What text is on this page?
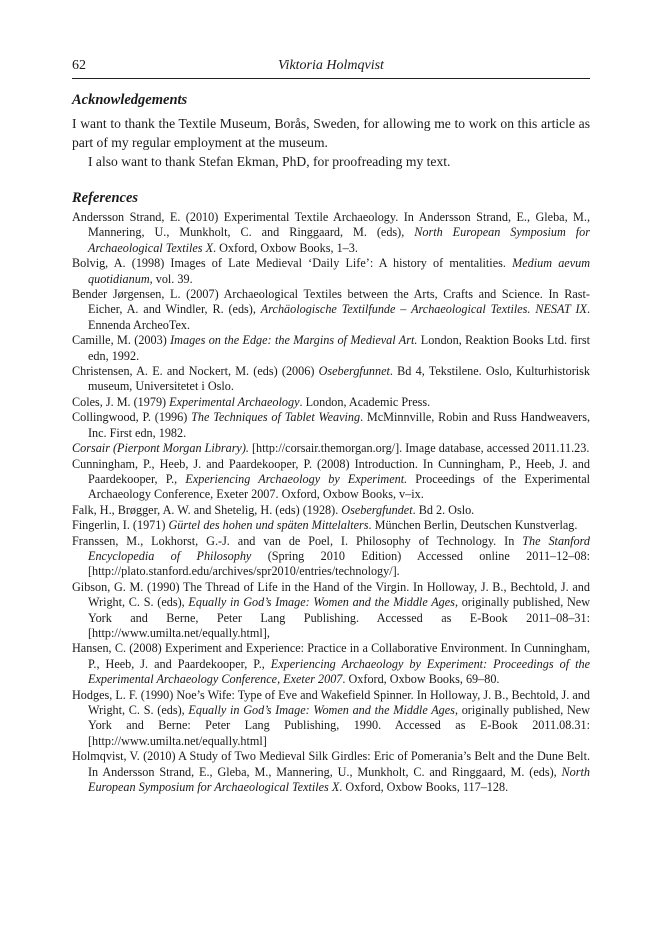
62	Viktoria Holmqvist
Acknowledgements

I want to thank the Textile Museum, Borås, Sweden, for allowing me to work on this article as part of my regular employment at the museum.

I also want to thank Stefan Ekman, PhD, for proofreading my text.

References
Andersson Strand, E. (2010) Experimental Textile Archaeology. In Andersson Strand, E., Gleba, M., Mannering, U., Munkholt, C. and Ringgaard, M. (eds), North European Symposium for Archaeological Textiles X. Oxford, Oxbow Books, 1–3.
Bolvig, A. (1998) Images of Late Medieval ‘Daily Life’: A history of mentalities. Medium aevum quotidianum, vol. 39.
Bender Jørgensen, L. (2007) Archaeological Textiles between the Arts, Crafts and Science. In Rast-Eicher, A. and Windler, R. (eds), Archäologische Textilfunde – Archaeological Textiles. NESAT IX. Ennenda ArcheoTex.
Camille, M. (2003) Images on the Edge: the Margins of Medieval Art. London, Reaktion Books Ltd. first edn, 1992.
Christensen, A. E. and Nockert, M. (eds) (2006) Osebergfunnet. Bd 4, Tekstilene. Oslo, Kulturhistorisk museum, Universitetet i Oslo.
Coles, J. M. (1979) Experimental Archaeology. London, Academic Press.
Collingwood, P. (1996) The Techniques of Tablet Weaving. McMinnville, Robin and Russ Handweavers, Inc. First edn, 1982.
Corsair (Pierpont Morgan Library). [http://corsair.themorgan.org/]. Image database, accessed 2011.11.23.
Cunningham, P., Heeb, J. and Paardekooper, P. (2008) Introduction. In Cunningham, P., Heeb, J. and Paardekooper, P., Experiencing Archaeology by Experiment. Proceedings of the Experimental Archaeology Conference, Exeter 2007. Oxford, Oxbow Books, v–ix.
Falk, H., Brøgger, A. W. and Shetelig, H. (eds) (1928). Osebergfundet. Bd 2. Oslo.
Fingerlin, I. (1971) Gürtel des hohen und späten Mittelalters. München Berlin, Deutschen Kunstverlag.
Franssen, M., Lokhorst, G.-J. and van de Poel, I. Philosophy of Technology. In The Stanford Encyclopedia of Philosophy (Spring 2010 Edition) Accessed online 2011–12–08: [http://plato.stanford.edu/archives/spr2010/entries/technology/].
Gibson, G. M. (1990) The Thread of Life in the Hand of the Virgin. In Holloway, J. B., Bechtold, J. and Wright, C. S. (eds), Equally in God’s Image: Women and the Middle Ages, originally published, New York and Berne, Peter Lang Publishing. Accessed as E-Book 2011–08–31: [http://www.umilta.net/equally.html],
Hansen, C. (2008) Experiment and Experience: Practice in a Collaborative Environment. In Cunningham, P., Heeb, J. and Paardekooper, P., Experiencing Archaeology by Experiment: Proceedings of the Experimental Archaeology Conference, Exeter 2007. Oxford, Oxbow Books, 69–80.
Hodges, L. F. (1990) Noe’s Wife: Type of Eve and Wakefield Spinner. In Holloway, J. B., Bechtold, J. and Wright, C. S. (eds), Equally in God’s Image: Women and the Middle Ages, originally published, New York and Berne: Peter Lang Publishing, 1990. Accessed as E-Book 2011.08.31: [http://www.umilta.net/equally.html]
Holmqvist, V. (2010) A Study of Two Medieval Silk Girdles: Eric of Pomerania’s Belt and the Dune Belt. In Andersson Strand, E., Gleba, M., Mannering, U., Munkholt, C. and Ringgaard, M. (eds), North European Symposium for Archaeological Textiles X. Oxford, Oxbow Books, 117–128.
